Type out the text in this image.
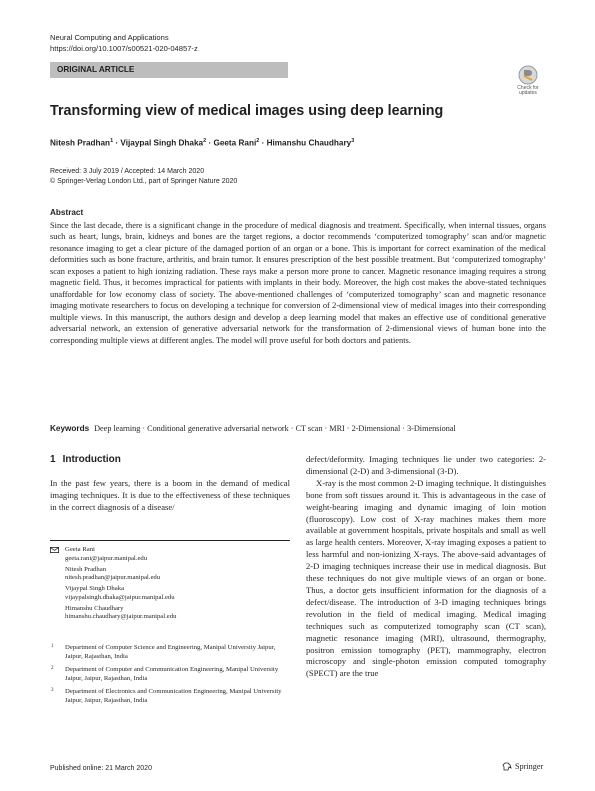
Neural Computing and Applications
https://doi.org/10.1007/s00521-020-04857-z
ORIGINAL ARTICLE
Check for updates
Transforming view of medical images using deep learning
Nitesh Pradhan$^1$ · Vijaypal Singh Dhaka$^2$ · Geeta Rani$^2$ · Himanshu Chaudhary$^3$
Received: 3 July 2019 / Accepted: 14 March 2020
© Springer-Verlag London Ltd., part of Springer Nature 2020
Abstract
Since the last decade, there is a significant change in the procedure of medical diagnosis and treatment. Specifically, when internal tissues, organs such as heart, lungs, brain, kidneys and bones are the target regions, a doctor recommends ‘computerized tomography’ scan and/or magnetic resonance imaging to get a clear picture of the damaged portion of an organ or a bone. This is important for correct examination of the medical deformities such as bone fracture, arthritis, and brain tumor. It ensures prescription of the best possible treatment. But ‘computerized tomography’ scan exposes a patient to high ionizing radiation. These rays make a person more prone to cancer. Magnetic resonance imaging requires a strong magnetic field. Thus, it becomes impractical for patients with implants in their body. Moreover, the high cost makes the above-stated techniques unaffordable for low economy class of society. The above-mentioned challenges of ‘computerized tomography’ scan and magnetic resonance imaging motivate researchers to focus on developing a technique for conversion of 2-dimensional view of medical images into their corresponding multiple views. In this manuscript, the authors design and develop a deep learning model that makes an effective use of conditional generative adversarial network, an extension of generative adversarial network for the transformation of 2-dimensional views of human bone into the corresponding multiple views at different angles. The model will prove useful for both doctors and patients.
Keywords Deep learning · Conditional generative adversarial network · CT scan · MRI · 2-Dimensional · 3-Dimensional
1 Introduction
In the past few years, there is a boom in the demand of medical imaging techniques. It is due to the effectiveness of these techniques in the correct diagnosis of a disease/

defect/deformity. Imaging techniques lie under two categories: 2-dimensional (2-D) and 3-dimensional (3-D).

X-ray is the most common 2-D imaging technique. It distinguishes bone from soft tissues around it. This is advantageous in the case of weight-bearing imaging and dynamic imaging of loin motion (fluoroscopy). Low cost of X-ray machines makes them more available at government hospitals, private hospitals and small as well as large health centers. Moreover, X-ray imaging exposes a patient to less harmful and non-ionizing X-rays. The above-said advantages of 2-D imaging techniques increase their use in medical diagnosis. But these techniques do not give multiple views of an organ or bone. Thus, a doctor gets insufficient information for the diagnosis of a defect/disease. The introduction of 3-D imaging techniques brings revolution in the field of medical imaging. Medical imaging techniques such as computerized tomography scan (CT scan), magnetic resonance imaging (MRI), ultrasound, thermography, positron emission tomography (PET), mammography, electron microscopy and single-photon emission computed tomography (SPECT) are the true

Geeta Rani
geeta.rani@jaipur.manipal.edu
Nitesh Pradhan
nitesh.pradhan@jaipur.manipal.edu
Vijaypal Singh Dhaka
vijaypalsingh.dhaka@jaipur.manipal.edu
Himanshu Chaudhary
himanshu.chaudhary@jaipur.manipal.edu
1 Department of Computer Science and Engineering, Manipal University Jaipur, Jaipur, Rajasthan, India
2 Department of Computer and Communication Engineering, Manipal University Jaipur, Jaipur, Rajasthan, India
3 Department of Electronics and Communication Engineering, Manipal University Jaipur, Jaipur, Rajasthan, India
Published online: 21 March 2020	Springer
